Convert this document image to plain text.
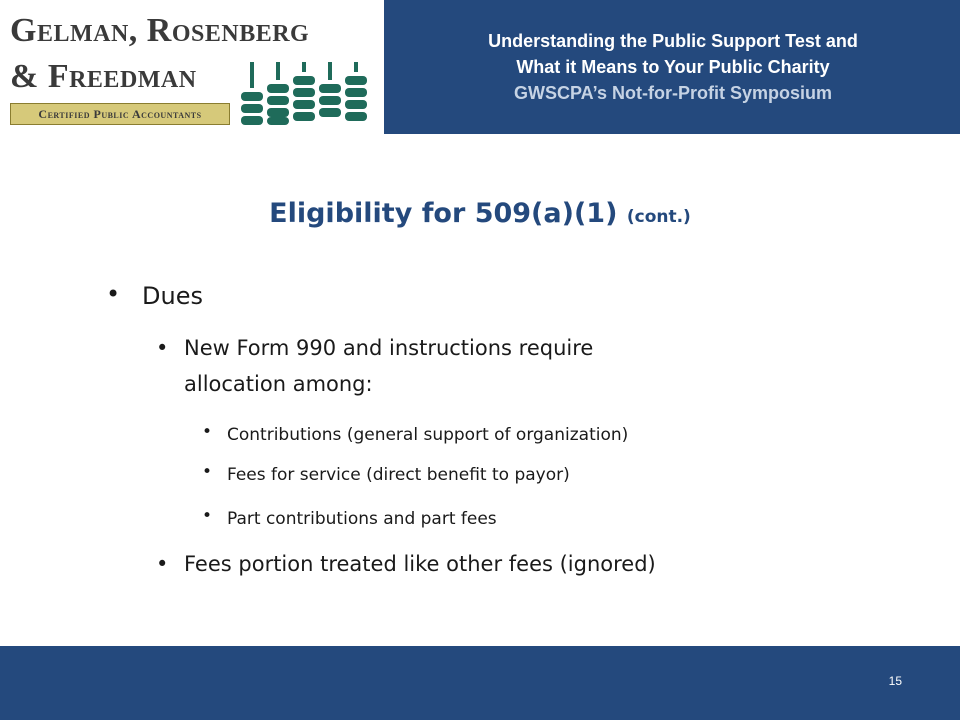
Gelman, Rosenberg
& Freedman
Certified Public Accountants
Understanding the Public Support Test and
What it Means to Your Public Charity
GWSCPA’s Not-for-Profit Symposium
Eligibility for 509(a)(1) (cont.)
• Dues
• New Form 990 and instructions require
allocation among:
• Contributions (general support of organization)
• Fees for service (direct benefit to payor)
• Part contributions and part fees
• Fees portion treated like other fees (ignored)
15
